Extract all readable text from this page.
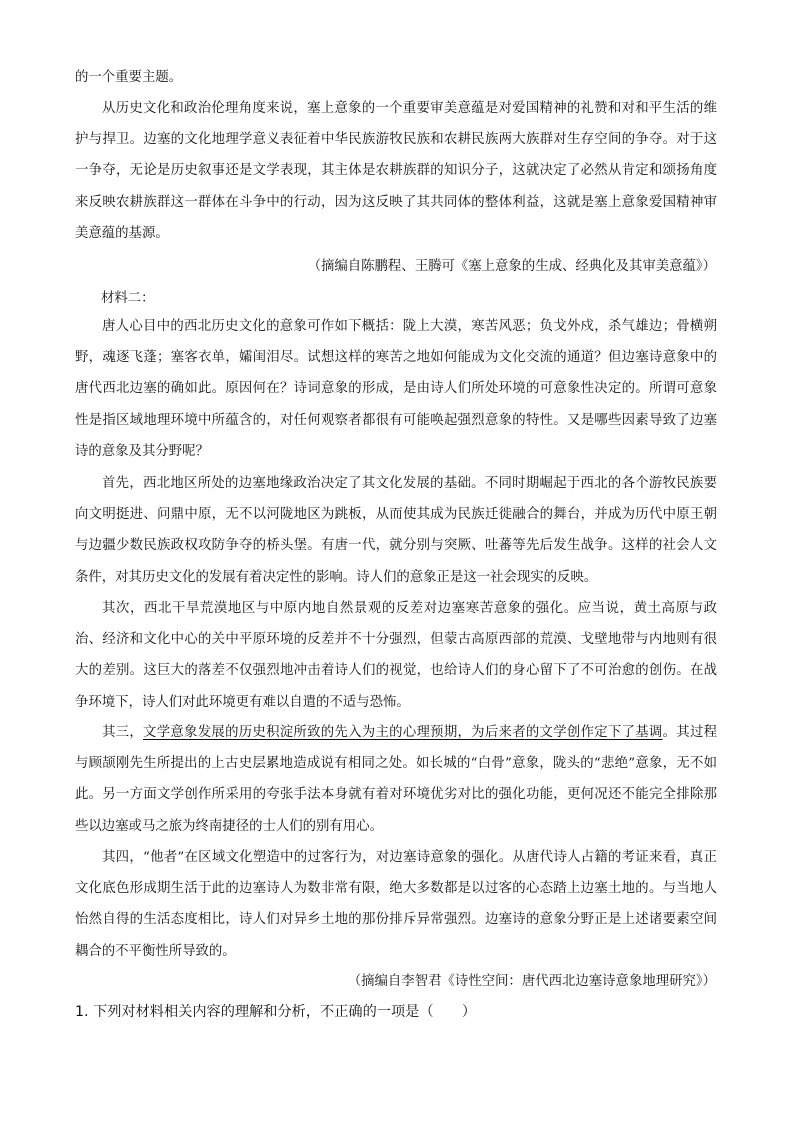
的一个重要主题。

从历史文化和政治伦理角度来说，塞上意象的一个重要审美意蕴是对爱国精神的礼赞和对和平生活的维护与捍卫。边塞的文化地理学意义表征着中华民族游牧民族和农耕民族两大族群对生存空间的争夺。对于这一争夺，无论是历史叙事还是文学表现，其主体是农耕族群的知识分子，这就决定了必然从肯定和颂扬角度来反映农耕族群这一群体在斗争中的行动，因为这反映了其共同体的整体利益，这就是塞上意象爱国精神审美意蕴的基源。

（摘编自陈鹏程、王腾可《塞上意象的生成、经典化及其审美意蕴》）

材料二：

唐人心目中的西北历史文化的意象可作如下概括：陇上大漠，寒苦风恶；负戈外戍，杀气雄边；骨横朔野，魂逐飞蓬；塞客衣单，孀闺泪尽。试想这样的寒苦之地如何能成为文化交流的通道？但边塞诗意象中的唐代西北边塞的确如此。原因何在？诗词意象的形成，是由诗人们所处环境的可意象性决定的。所谓可意象性是指区域地理环境中所蕴含的，对任何观察者都很有可能唤起强烈意象的特性。又是哪些因素导致了边塞诗的意象及其分野呢？

首先，西北地区所处的边塞地缘政治决定了其文化发展的基础。不同时期崛起于西北的各个游牧民族要向文明挺进、问鼎中原，无不以河陇地区为跳板，从而使其成为民族迁徙融合的舞台，并成为历代中原王朝与边疆少数民族政权攻防争夺的桥头堡。有唐一代，就分别与突厥、吐蕃等先后发生战争。这样的社会人文条件，对其历史文化的发展有着决定性的影响。诗人们的意象正是这一社会现实的反映。

其次，西北干旱荒漠地区与中原内地自然景观的反差对边塞寒苦意象的强化。应当说，黄土高原与政治、经济和文化中心的关中平原环境的反差并不十分强烈，但蒙古高原西部的荒漠、戈壁地带与内地则有很大的差别。这巨大的落差不仅强烈地冲击着诗人们的视觉，也给诗人们的身心留下了不可治愈的创伤。在战争环境下，诗人们对此环境更有难以自遣的不适与恐怖。

其三，文学意象发展的历史积淀所致的先入为主的心理预期，为后来者的文学创作定下了基调。其过程与顾颉刚先生所提出的上古史层累地造成说有相同之处。如长城的“白骨”意象，陇头的“悲绝”意象，无不如此。另一方面文学创作所采用的夸张手法本身就有着对环境优劣对比的强化功能，更何况还不能完全排除那些以边塞或马之旅为终南捷径的士人们的别有用心。

其四，“他者”在区域文化塑造中的过客行为，对边塞诗意象的强化。从唐代诗人占籍的考证来看，真正文化底色形成期生活于此的边塞诗人为数非常有限，绝大多数都是以过客的心态踏上边塞土地的。与当地人怡然自得的生活态度相比，诗人们对异乡土地的那份排斥异常强烈。边塞诗的意象分野正是上述诸要素空间耦合的不平衡性所导致的。

（摘编自李智君《诗性空间：唐代西北边塞诗意象地理研究》）

1. 下列对材料相关内容的理解和分析，不正确的一项是（　　）
